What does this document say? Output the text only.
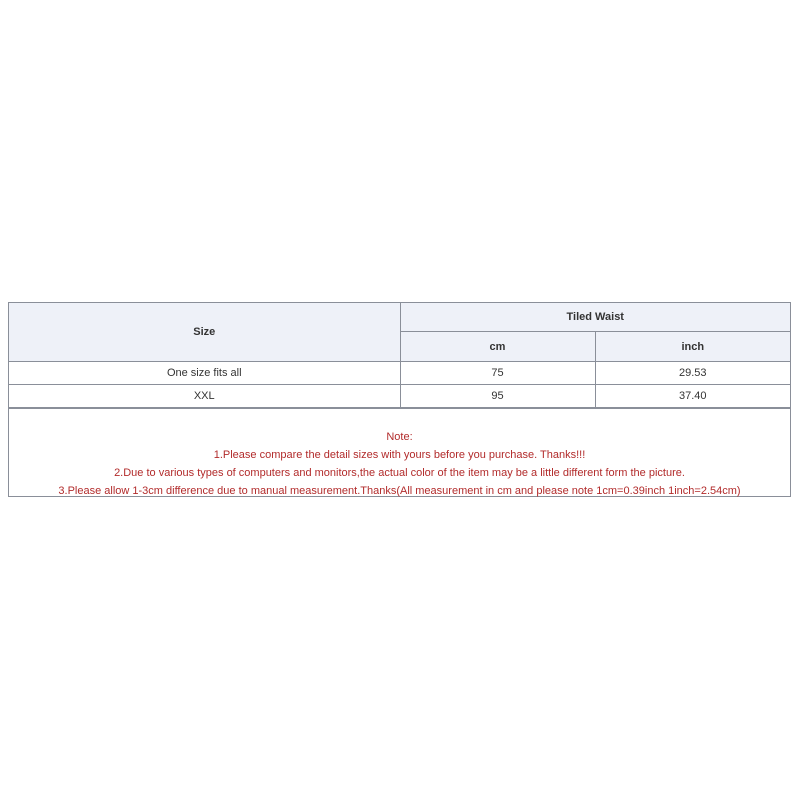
Size	Tiled Waist	
	cm	inch
One size fits all	75	29.53
XXL	95	37.40
Note:
1.Please compare the detail sizes with yours before you purchase. Thanks!!!
2.Due to various types of computers and monitors,the actual color of the item may be a little different form the picture.
3.Please allow 1-3cm difference due to manual measurement.Thanks(All measurement in cm and please note 1cm=0.39inch 1inch=2.54cm)
